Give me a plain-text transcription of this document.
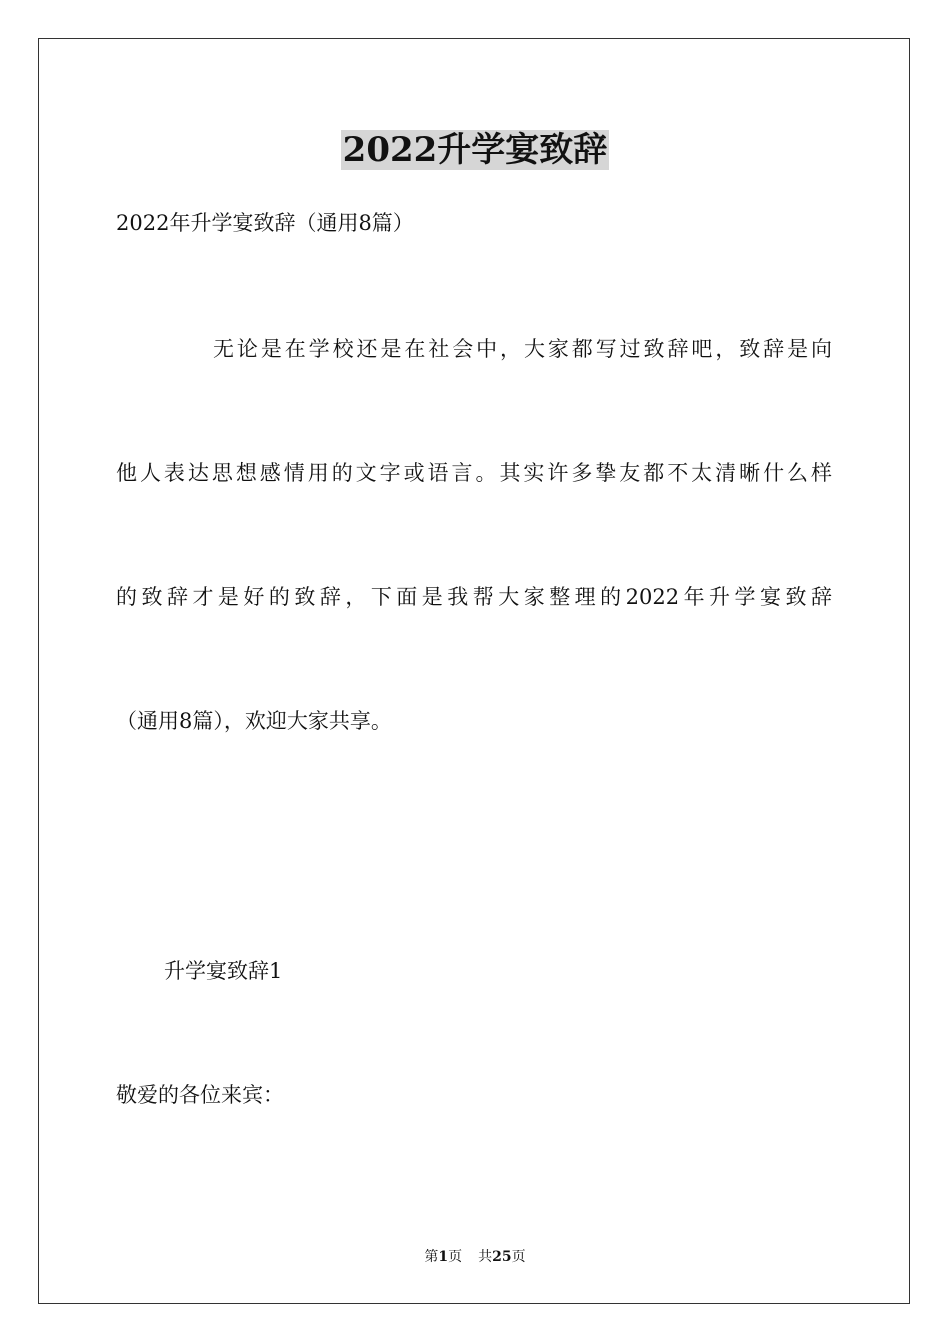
2022升学宴致辞
2022年升学宴致辞（通用8篇）
无论是在学校还是在社会中，大家都写过致辞吧，致辞是向
他人表达思想感情用的文字或语言。其实许多挚友都不太清晰什么样
的致辞才是好的致辞，下面是我帮大家整理的2022年升学宴致辞
（通用8篇），欢迎大家共享。
升学宴致辞1
敬爱的各位来宾：
第1页 共25页
